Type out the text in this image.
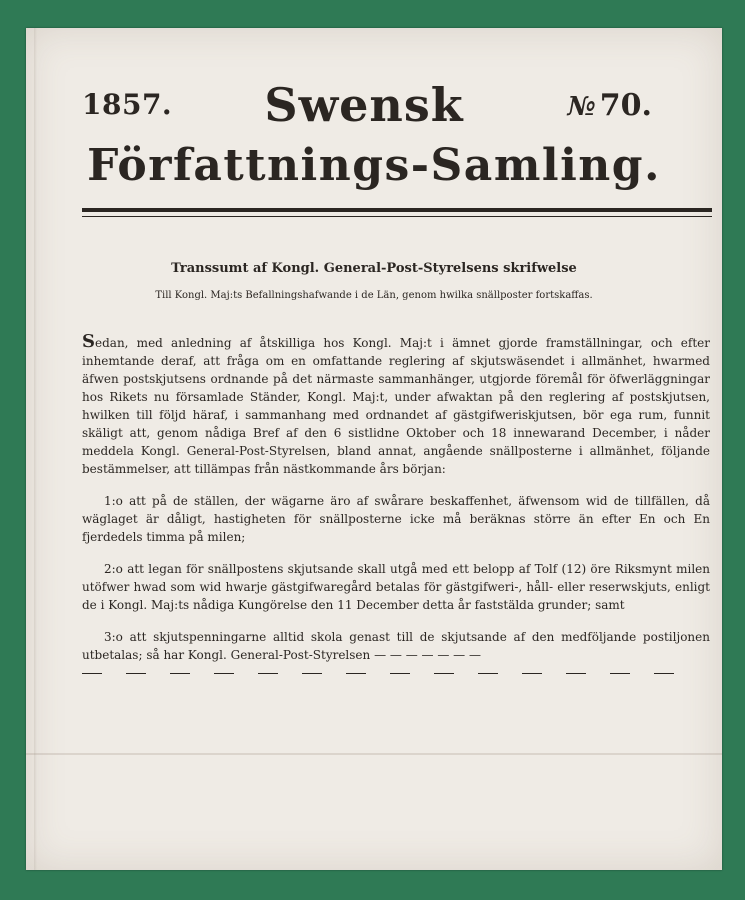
1857.	Swensk
Författnings-Samling.
№ 70.
Transsumt af Kongl. General-Post-Styrelsens skrifwelse
Till Kongl. Maj:ts Befallningshafwande i de Län, genom hwilka snällposter fortskaffas.

Sedan, med anledning af åtskilliga hos Kongl. Maj:t i ämnet gjorde framställningar, och efter inhemtande deraf, att fråga om en omfattande reglering af skjutswäsendet i allmänhet, hwarmed äfwen postskjutsens ordnande på det närmaste sammanhänger, utgjorde föremål för öfwerläggningar hos Rikets nu församlade Ständer, Kongl. Maj:t, under afwaktan på den reglering af postskjutsen, hwilken till följd häraf, i sammanhang med ordnandet af gästgifweriskjutsen, bör ega rum, funnit skäligt att, genom nådiga Bref af den 6 sistlidne Oktober och 18 innewarand December, i nåder meddela Kongl. General-Post-Styrelsen, bland annat, angående snällposterne i allmänhet, följande bestämmelser, att tillämpas från nästkommande års början:

1:o att på de ställen, der wägarne äro af swårare beskaffenhet, äfwensom wid de tillfällen, då wäglaget är dåligt, hastigheten för snällposterne icke må beräknas större än efter En och En fjerdedels timma på milen;

2:o att legan för snällpostens skjutsande skall utgå med ett belopp af Tolf (12) öre Riksmynt milen utöfwer hwad som wid hwarje gästgifwaregård betalas för gästgifweri-, håll- eller reserwskjuts, enligt de i Kongl. Maj:ts nådiga Kungörelse den 11 December detta år faststälda grunder; samt

3:o att skjutspenningarne alltid skola genast till de skjutsande af den medföljande postiljonen utbetalas; så har Kongl. General-Post-Styrelsen — — — — — — —
